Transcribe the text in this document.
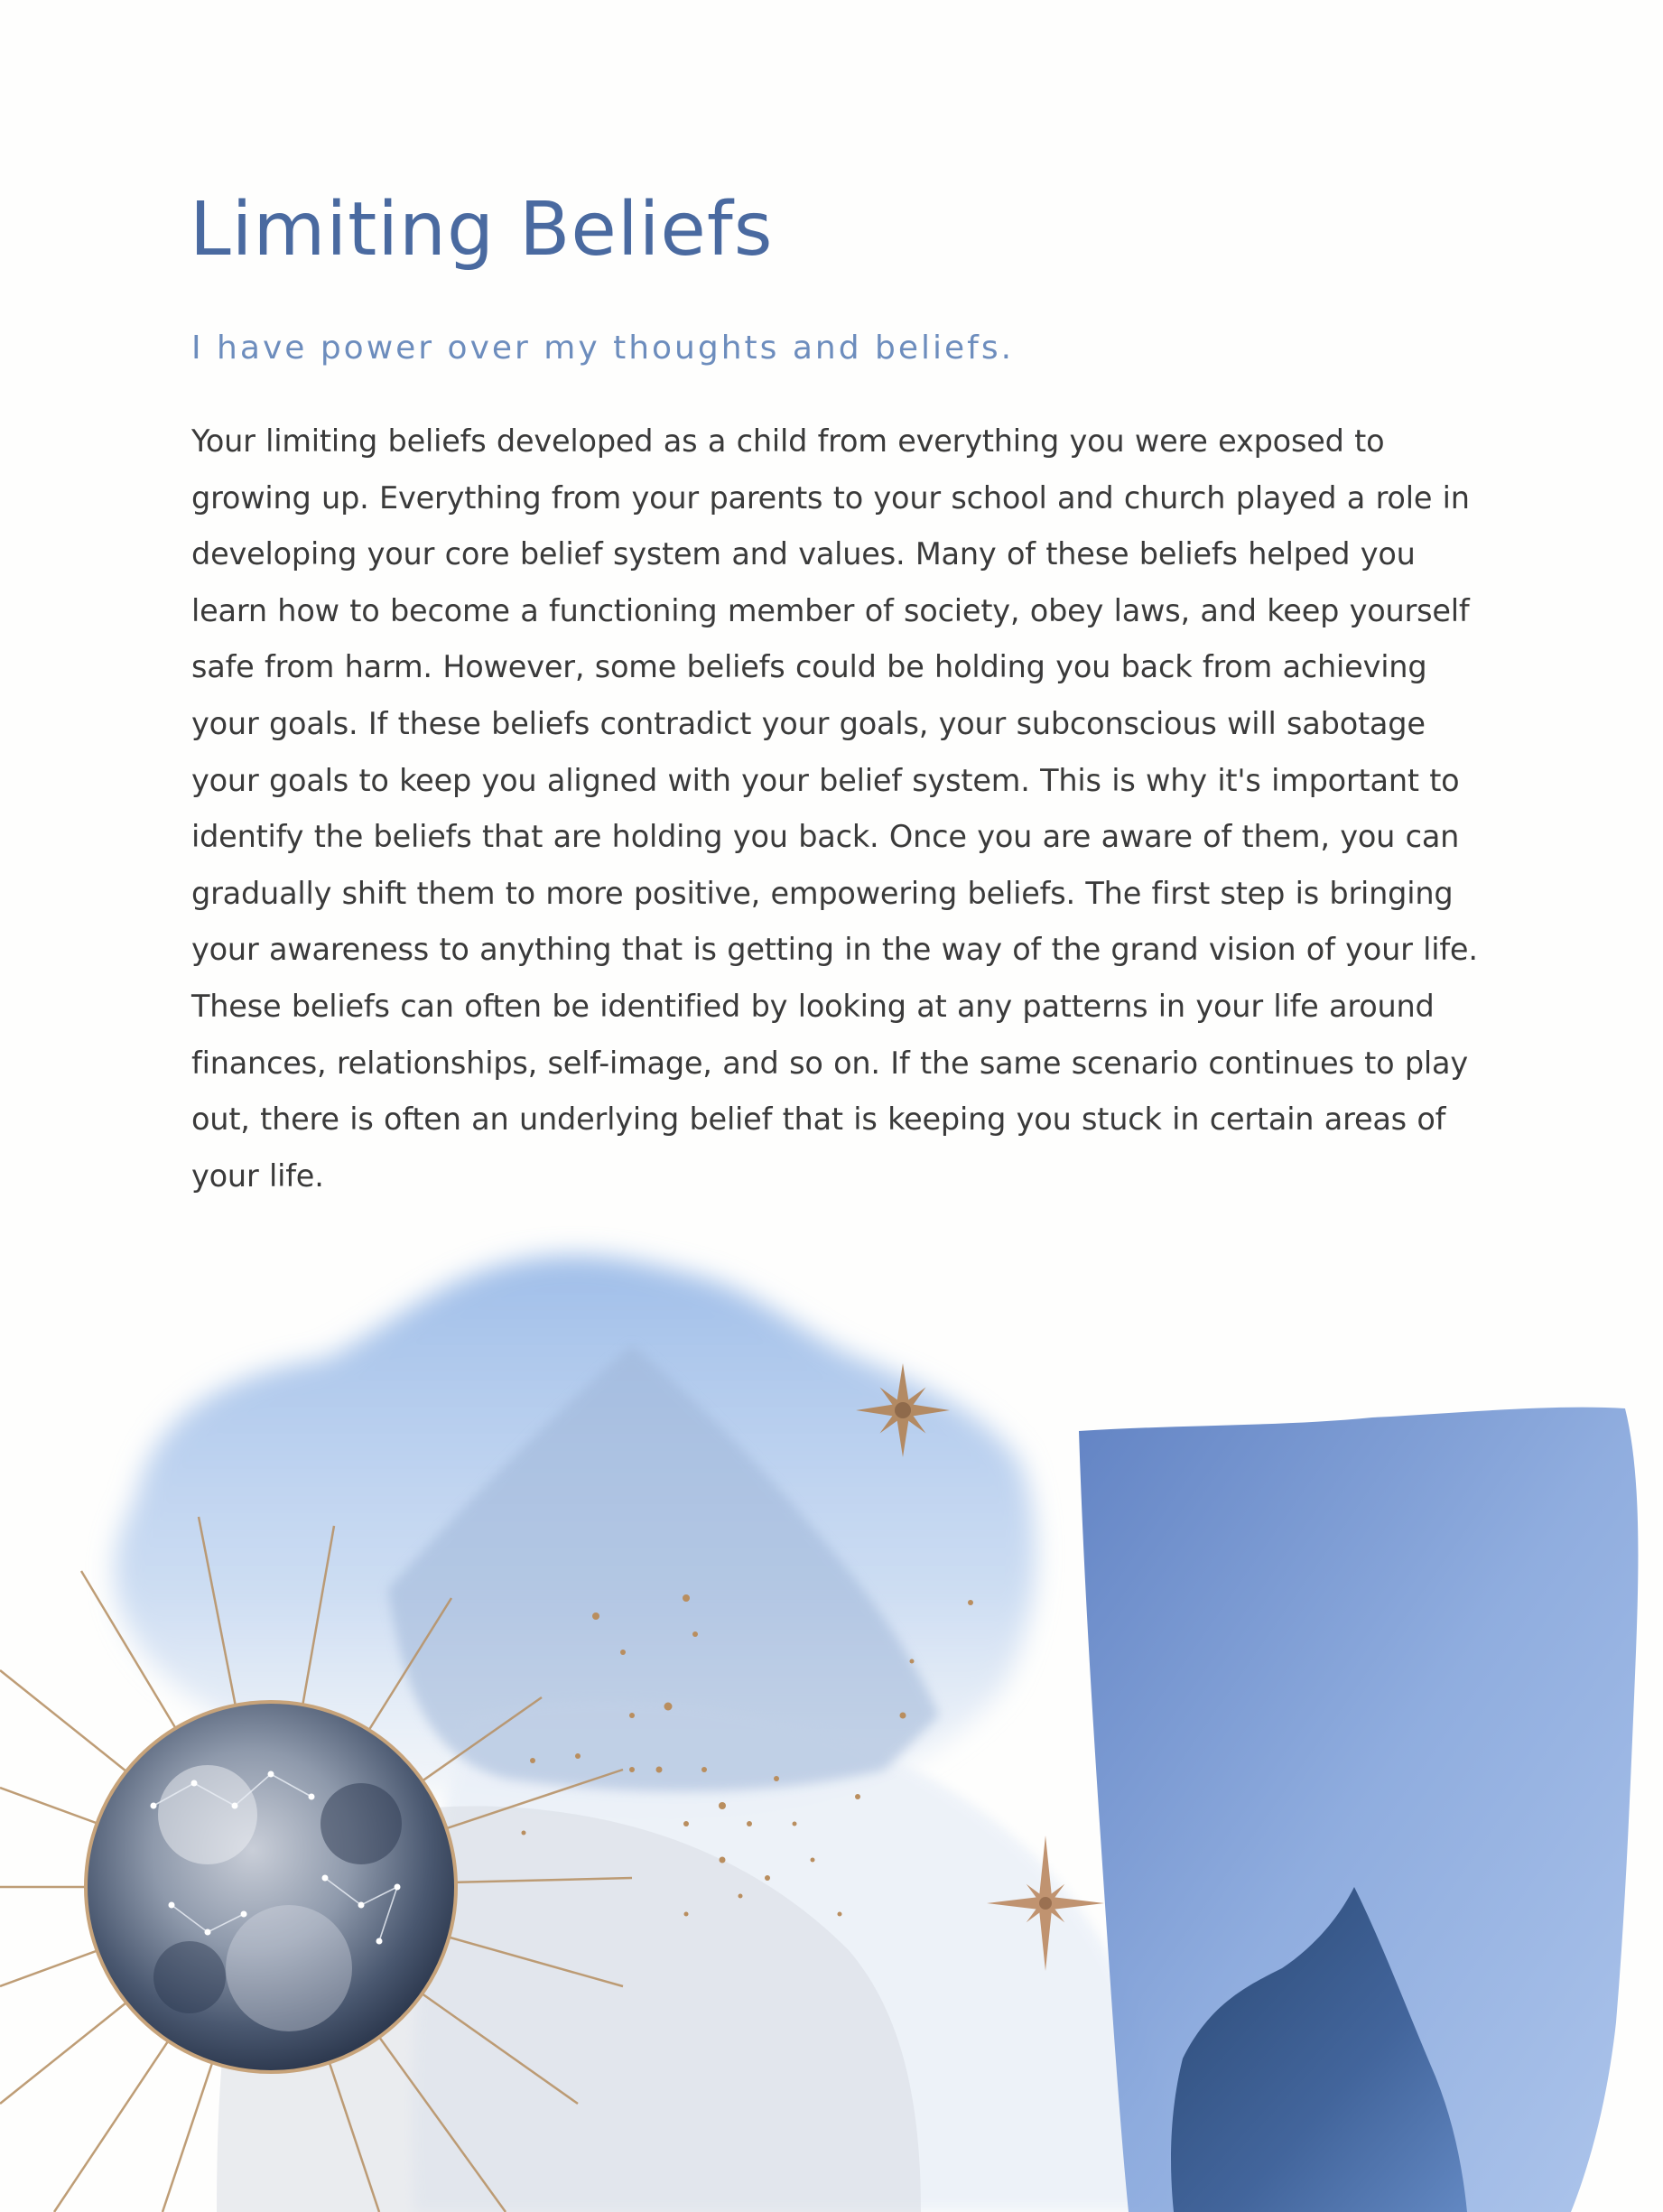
Limiting Beliefs
I have power over my thoughts and beliefs.

Your limiting beliefs developed as a child from everything you were exposed to growing up. Everything from your parents to your school and church played a role in developing your core belief system and values. Many of these beliefs helped you learn how to become a functioning member of society, obey laws, and keep yourself safe from harm. However, some beliefs could be holding you back from achieving your goals. If these beliefs contradict your goals, your subconscious will sabotage your goals to keep you aligned with your belief system. This is why it's important to identify the beliefs that are holding you back. Once you are aware of them, you can gradually shift them to more positive, empowering beliefs. The first step is bringing your awareness to anything that is getting in the way of the grand vision of your life. These beliefs can often be identified by looking at any patterns in your life around finances, relationships, self-image, and so on. If the same scenario continues to play out, there is often an underlying belief that is keeping you stuck in certain areas of your life.
